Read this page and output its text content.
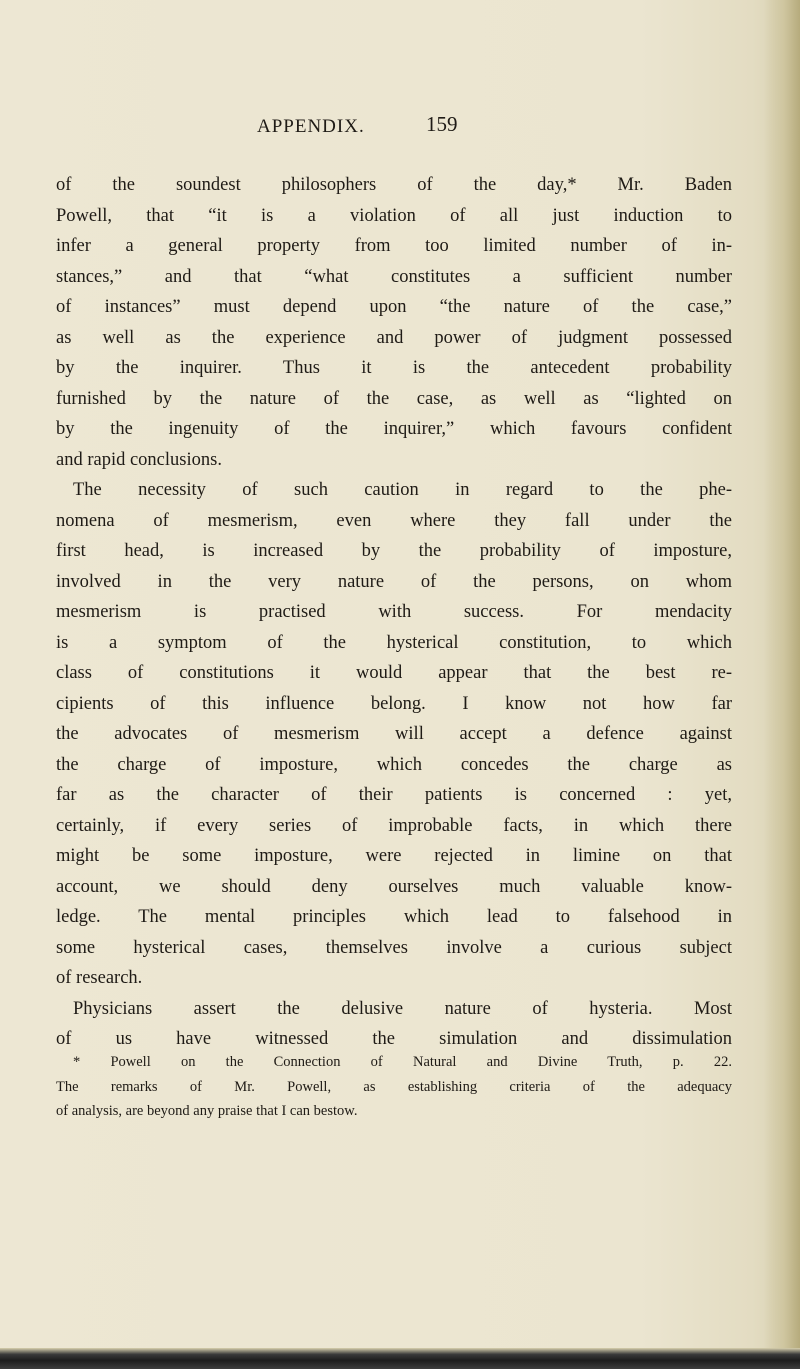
APPENDIX.	159
of the soundest philosophers of the day,* Mr. Baden
Powell, that “it is a violation of all just induction to
infer a general property from too limited number of in-
stances,” and that “what constitutes a sufficient number
of instances” must depend upon “the nature of the case,”
as well as the experience and power of judgment possessed
by the inquirer. Thus it is the antecedent probability
furnished by the nature of the case, as well as “lighted on
by the ingenuity of the inquirer,” which favours confident
and rapid conclusions.
The necessity of such caution in regard to the phe-
nomena of mesmerism, even where they fall under the
first head, is increased by the probability of imposture,
involved in the very nature of the persons, on whom
mesmerism is practised with success. For mendacity
is a symptom of the hysterical constitution, to which
class of constitutions it would appear that the best re-
cipients of this influence belong. I know not how far
the advocates of mesmerism will accept a defence against
the charge of imposture, which concedes the charge as
far as the character of their patients is concerned : yet,
certainly, if every series of improbable facts, in which there
might be some imposture, were rejected in limine on that
account, we should deny ourselves much valuable know-
ledge. The mental principles which lead to falsehood in
some hysterical cases, themselves involve a curious subject
of research.
Physicians assert the delusive nature of hysteria. Most
of us have witnessed the simulation and dissimulation
* Powell on the Connection of Natural and Divine Truth, p. 22.
The remarks of Mr. Powell, as establishing criteria of the adequacy
of analysis, are beyond any praise that I can bestow.
